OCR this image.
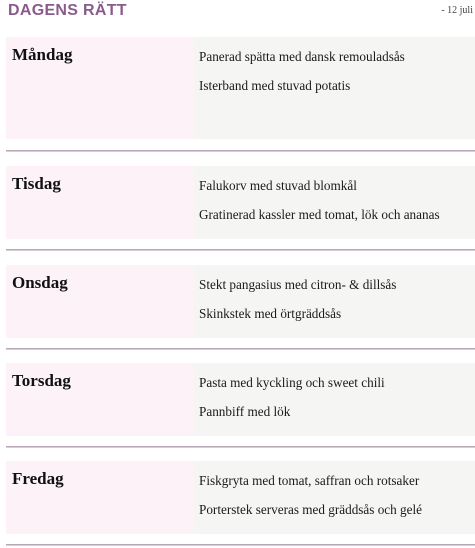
DAGENS RÄTT	- 12 juli
Måndag	Panerad spätta med dansk remouladsås
Isterband med stuvad potatis
Tisdag	Falukorv med stuvad blomkål
Gratinerad kassler med tomat, lök och ananas
Onsdag	Stekt pangasius med citron- & dillsås
Skinkstek med örtgräddsås
Torsdag	Pasta med kyckling och sweet chili
Pannbiff med lök
Fredag	Fiskgryta med tomat, saffran och rotsaker
Porterstek serveras med gräddsås och gelé
